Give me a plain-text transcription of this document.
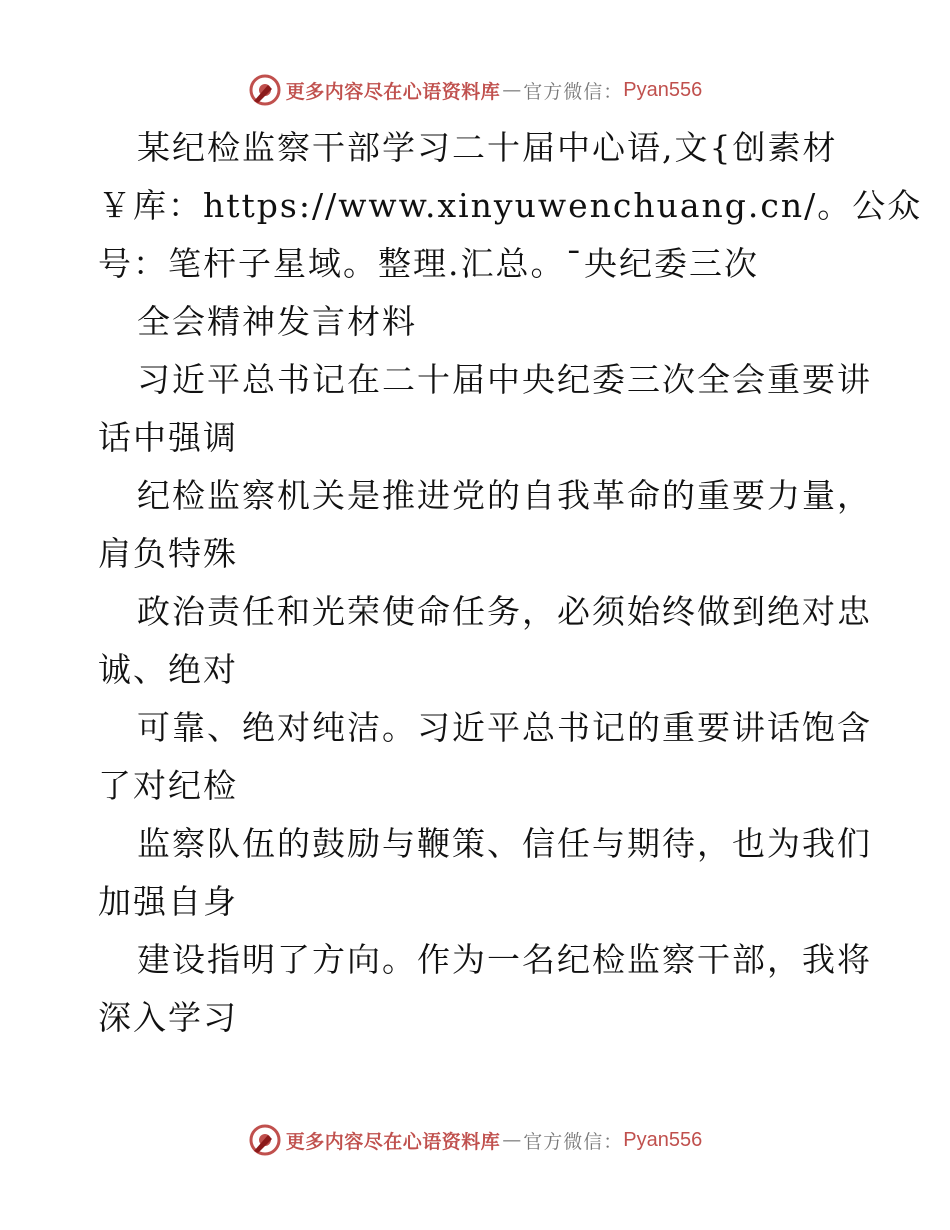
更多内容尽在心语资料库 — 官方微信： Pyan556
某纪检监察干部学习二十届中心语,文{创素材
￥库：https://www.xinyuwenchuang.cn/。公众
号：笔杆子星域。整理.汇总。¯央纪委三次
全会精神发言材料
习近平总书记在二十届中央纪委三次全会重要讲
话中强调
纪检监察机关是推进党的自我革命的重要力量，
肩负特殊
政治责任和光荣使命任务，必须始终做到绝对忠
诚、绝对
可靠、绝对纯洁。习近平总书记的重要讲话饱含
了对纪检
监察队伍的鼓励与鞭策、信任与期待，也为我们
加强自身
建设指明了方向。作为一名纪检监察干部，我将
深入学习
更多内容尽在心语资料库 — 官方微信： Pyan556
